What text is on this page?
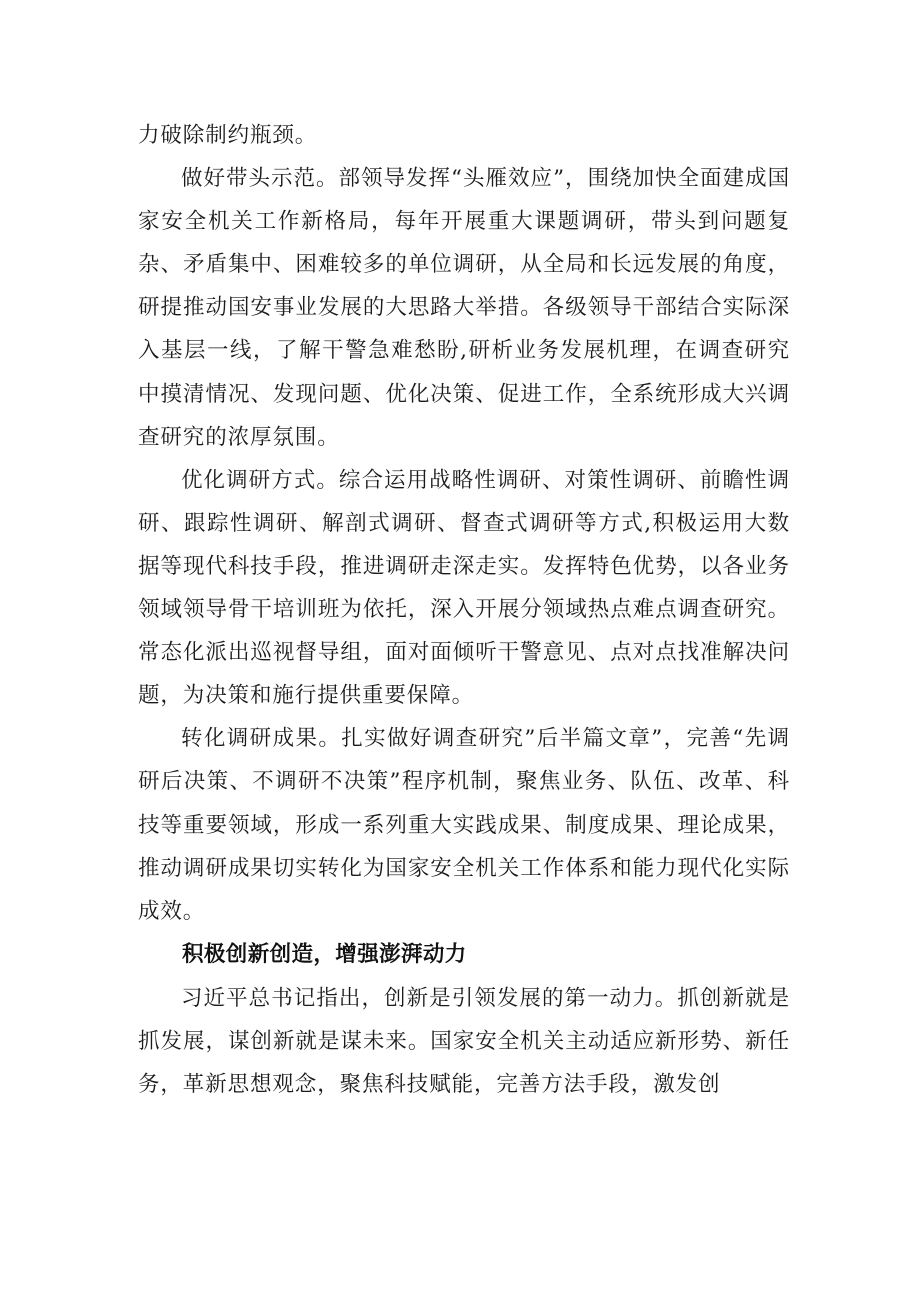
力破除制约瓶颈。

做好带头示范。部领导发挥“头雁效应”，围绕加快全面建成国家安全机关工作新格局，每年开展重大课题调研，带头到问题复杂、矛盾集中、困难较多的单位调研，从全局和长远发展的角度，研提推动国安事业发展的大思路大举措。各级领导干部结合实际深入基层一线，了解干警急难愁盼,研析业务发展机理，在调查研究中摸清情况、发现问题、优化决策、促进工作，全系统形成大兴调查研究的浓厚氛围。

优化调研方式。综合运用战略性调研、对策性调研、前瞻性调研、跟踪性调研、解剖式调研、督查式调研等方式,积极运用大数据等现代科技手段，推进调研走深走实。发挥特色优势，以各业务领域领导骨干培训班为依托，深入开展分领域热点难点调查研究。常态化派出巡视督导组，面对面倾听干警意见、点对点找准解决问题，为决策和施行提供重要保障。

转化调研成果。扎实做好调查研究”后半篇文章”，完善“先调研后决策、不调研不决策”程序机制，聚焦业务、队伍、改革、科技等重要领域，形成一系列重大实践成果、制度成果、理论成果，推动调研成果切实转化为国家安全机关工作体系和能力现代化实际成效。

积极创新创造，增强澎湃动力

习近平总书记指出，创新是引领发展的第一动力。抓创新就是抓发展，谋创新就是谋未来。国家安全机关主动适应新形势、新任务，革新思想观念，聚焦科技赋能，完善方法手段，激发创
